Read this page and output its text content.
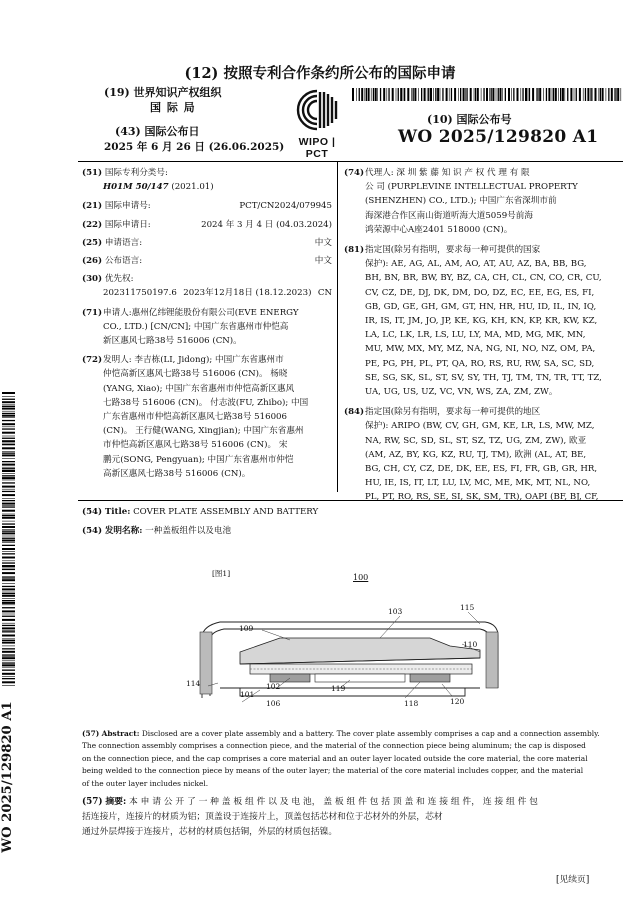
(12) 按照专利合作条约所公布的国际申请
(19) 世界知识产权组织
国 际 局
(43) 国际公布日
2025 年 6 月 26 日 (26.06.2025)	WIPO | PCT
(10) 国际公布号
WO 2025/129820 A1
(51) 国际专利分类号:
H01M 50/147 (2021.01)
(21) 国际申请号:	PCT/CN2024/079945
(22) 国际申请日:	2024 年 3 月 4 日 (04.03.2024)
(25) 申请语言:	中文
(26) 公布语言:	中文
(30) 优先权:
202311750197.6 2023年12月18日 (18.12.2023) CN
(71) 申请人:惠州亿纬锂能股份有限公司(EVE ENERGY
CO., LTD.) [CN/CN]; 中国广东省惠州市仲恺高
新区惠风七路38号 516006 (CN)。
(72) 发明人: 李吉栋(LI, Jidong); 中国广东省惠州市
仲恺高新区惠风七路38号 516006 (CN)。 杨晓
(YANG, Xiao); 中国广东省惠州市仲恺高新区惠风
七路38号 516006 (CN)。 付志波(FU, Zhibo); 中国
广东省惠州市仲恺高新区惠风七路38号 516006
(CN)。 王行健(WANG, Xingjian); 中国广东省惠州
市仲恺高新区惠风七路38号 516006 (CN)。 宋
鹏元(SONG, Pengyuan); 中国广东省惠州市仲恺
高新区惠风七路38号 516006 (CN)。
(74) 代理人: 深 圳 紫 藤 知 识 产 权 代 理 有 限
公 司 (PURPLEVINE INTELLECTUAL PROPERTY
(SHENZHEN) CO., LTD.); 中国广东省深圳市前
海深港合作区南山街道听海大道5059号前海
鸿荣源中心A座2401 518000 (CN)。
(81) 指定国(除另有指明，要求每一种可提供的国家
保护): AE, AG, AL, AM, AO, AT, AU, AZ, BA, BB, BG,
BH, BN, BR, BW, BY, BZ, CA, CH, CL, CN, CO, CR, CU,
CV, CZ, DE, DJ, DK, DM, DO, DZ, EC, EE, EG, ES, FI,
GB, GD, GE, GH, GM, GT, HN, HR, HU, ID, IL, IN, IQ,
IR, IS, IT, JM, JO, JP, KE, KG, KH, KN, KP, KR, KW, KZ,
LA, LC, LK, LR, LS, LU, LY, MA, MD, MG, MK, MN,
MU, MW, MX, MY, MZ, NA, NG, NI, NO, NZ, OM, PA,
PE, PG, PH, PL, PT, QA, RO, RS, RU, RW, SA, SC, SD,
SE, SG, SK, SL, ST, SV, SY, TH, TJ, TM, TN, TR, TT, TZ,
UA, UG, US, UZ, VC, VN, WS, ZA, ZM, ZW。
(84) 指定国(除另有指明，要求每一种可提供的地区
保护): ARIPO (BW, CV, GH, GM, KE, LR, LS, MW, MZ,
NA, RW, SC, SD, SL, ST, SZ, TZ, UG, ZM, ZW), 欧亚
(AM, AZ, BY, KG, KZ, RU, TJ, TM), 欧洲 (AL, AT, BE,
BG, CH, CY, CZ, DE, DK, EE, ES, FI, FR, GB, GR, HR,
HU, IE, IS, IT, LT, LU, LV, MC, ME, MK, MT, NL, NO,
PL, PT, RO, RS, SE, SI, SK, SM, TR), OAPI (BF, BJ, CF,
(54) Title: COVER PLATE ASSEMBLY AND BATTERY
(54) 发明名称: 一种盖板组件以及电池
[图1]	100
103	115
109
110
114	102	119
101
106	118	120
(57) Abstract: Disclosed are a cover plate assembly and a battery. The cover plate assembly comprises a cap and a connection assembly.
The connection assembly comprises a connection piece, and the material of the connection piece being aluminum; the cap is disposed
on the connection piece, and the cap comprises a core material and an outer layer located outside the core material, the core material
being welded to the connection piece by means of the outer layer; the material of the core material includes copper, and the material
of the outer layer includes nickel.
(57) 摘要: 本 申 请 公 开 了 一 种 盖 板 组 件 以 及 电 池， 盖 板 组 件 包 括 顶 盖 和 连 接 组 件， 连 接 组 件 包
括连接片，连接片的材质为铝；顶盖设于连接片上，顶盖包括芯材和位于芯材外的外层，芯材
通过外层焊接于连接片，芯材的材质包括铜，外层的材质包括镍。
[见续页]
WO 2025/129820 A1
